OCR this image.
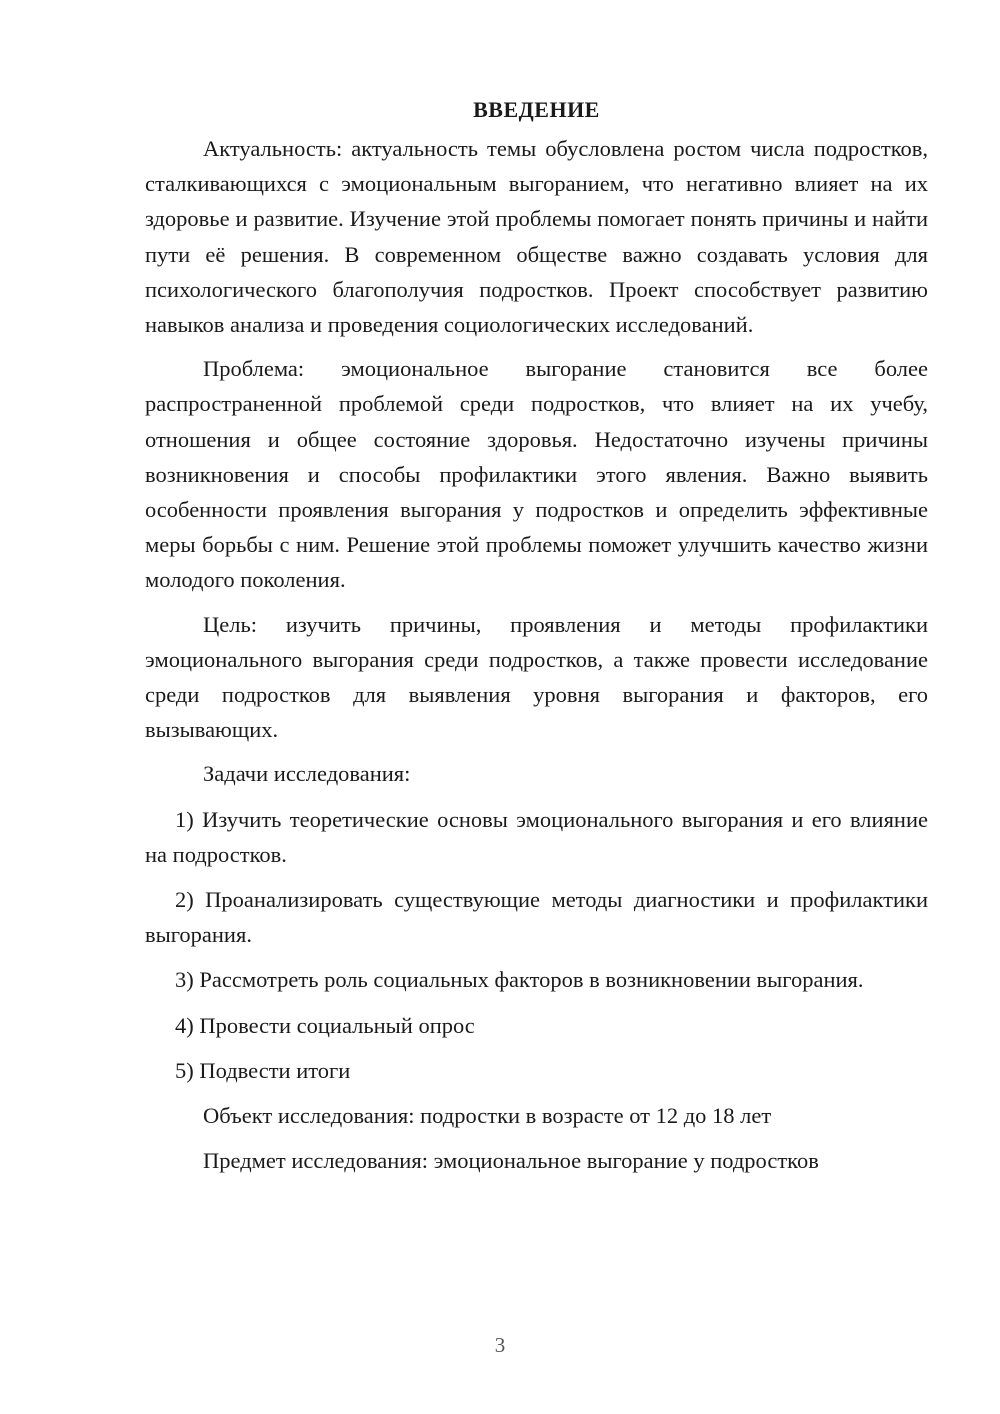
ВВЕДЕНИЕ

Актуальность: актуальность темы обусловлена ростом числа подростков, сталкивающихся с эмоциональным выгоранием, что негативно влияет на их здоровье и развитие. Изучение этой проблемы помогает понять причины и найти пути её решения. В современном обществе важно создавать условия для психологического благополучия подростков. Проект способствует развитию навыков анализа и проведения социологических исследований.

Проблема: эмоциональное выгорание становится все более распространенной проблемой среди подростков, что влияет на их учебу, отношения и общее состояние здоровья. Недостаточно изучены причины возникновения и способы профилактики этого явления. Важно выявить особенности проявления выгорания у подростков и определить эффективные меры борьбы с ним. Решение этой проблемы поможет улучшить качество жизни молодого поколения.

Цель: изучить причины, проявления и методы профилактики эмоционального выгорания среди подростков, а также провести исследование среди подростков для выявления уровня выгорания и факторов, его вызывающих.

Задачи исследования:

1) Изучить теоретические основы эмоционального выгорания и его влияние на подростков.

2) Проанализировать существующие методы диагностики и профилактики выгорания.

3) Рассмотреть роль социальных факторов в возникновении выгорания.

4) Провести социальный опрос

5) Подвести итоги

Объект исследования: подростки в возрасте от 12 до 18 лет

Предмет исследования: эмоциональное выгорание у подростков

3
